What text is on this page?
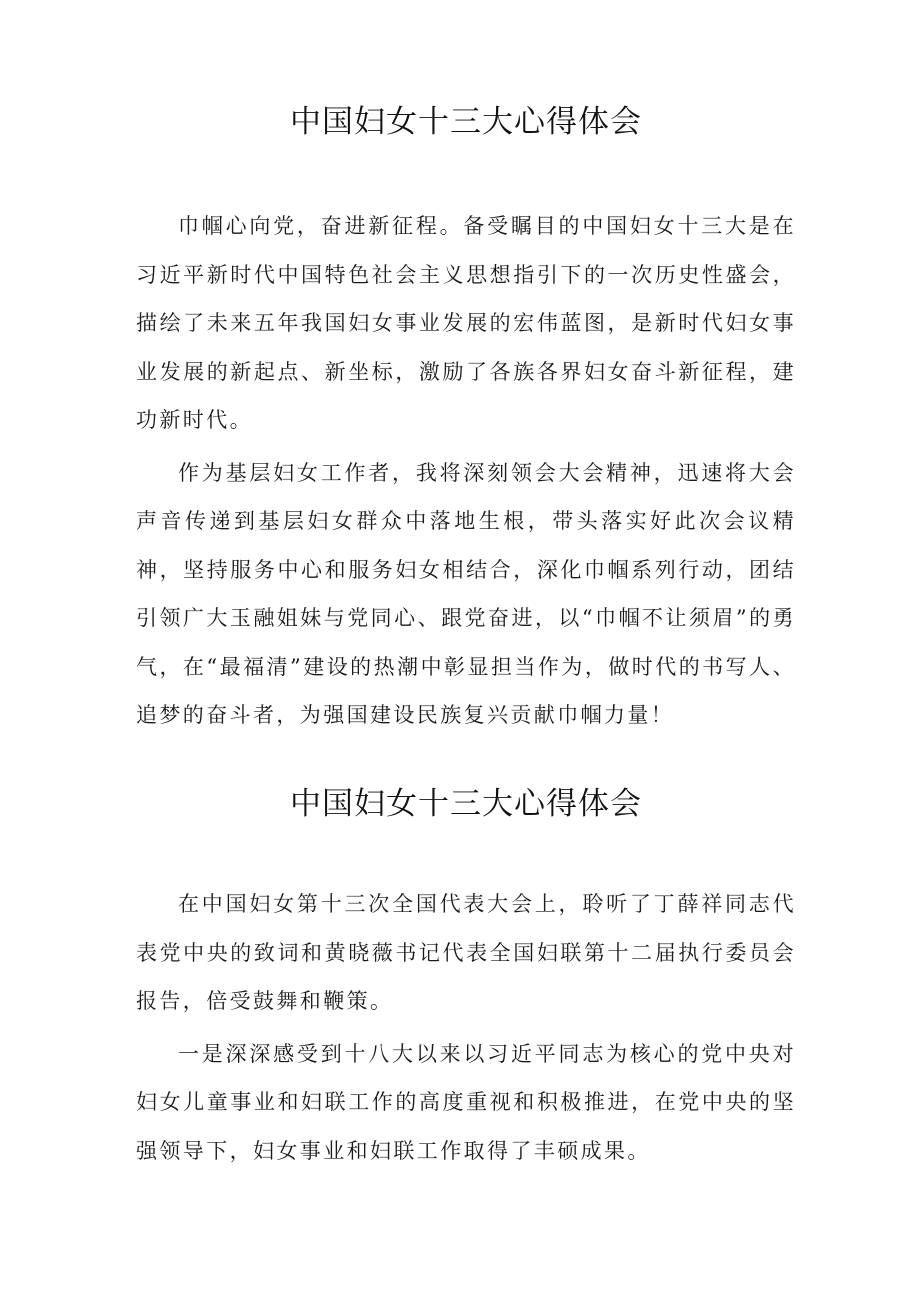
中国妇女十三大心得体会

巾帼心向党，奋进新征程。备受瞩目的中国妇女十三大是在习近平新时代中国特色社会主义思想指引下的一次历史性盛会，描绘了未来五年我国妇女事业发展的宏伟蓝图，是新时代妇女事业发展的新起点、新坐标，激励了各族各界妇女奋斗新征程，建功新时代。

作为基层妇女工作者，我将深刻领会大会精神，迅速将大会声音传递到基层妇女群众中落地生根，带头落实好此次会议精神，坚持服务中心和服务妇女相结合，深化巾帼系列行动，团结引领广大玉融姐妹与党同心、跟党奋进，以“巾帼不让须眉”的勇气，在“最福清”建设的热潮中彰显担当作为，做时代的书写人、追梦的奋斗者，为强国建设民族复兴贡献巾帼力量！

中国妇女十三大心得体会

在中国妇女第十三次全国代表大会上，聆听了丁薛祥同志代表党中央的致词和黄晓薇书记代表全国妇联第十二届执行委员会报告，倍受鼓舞和鞭策。

一是深深感受到十八大以来以习近平同志为核心的党中央对妇女儿童事业和妇联工作的高度重视和积极推进，在党中央的坚强领导下，妇女事业和妇联工作取得了丰硕成果。
